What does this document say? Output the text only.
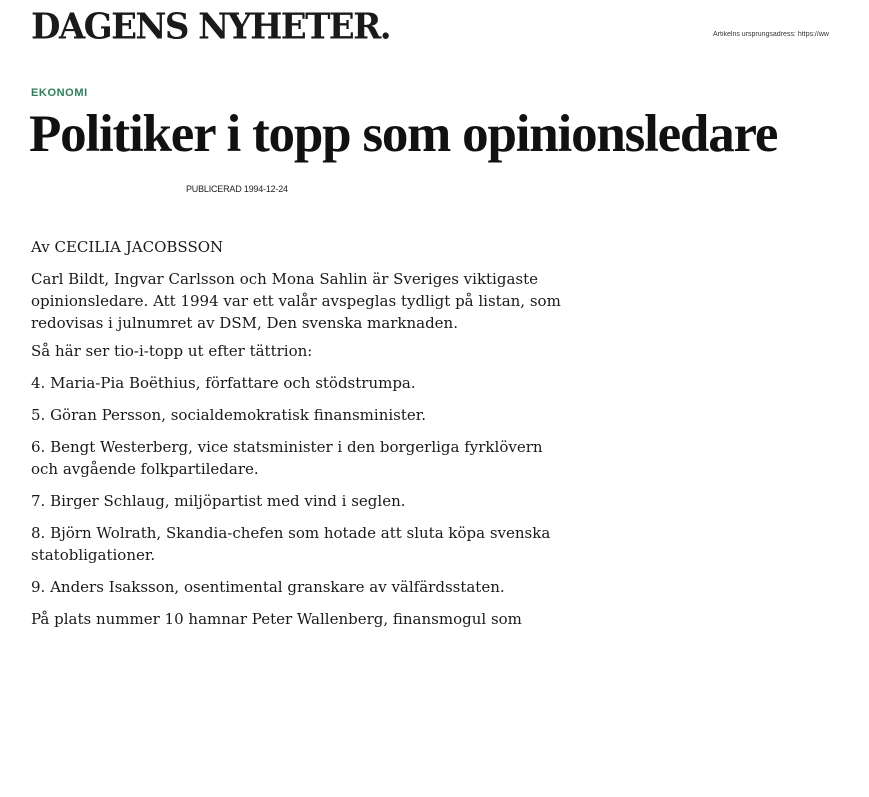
DAGENS NYHETER.	Artikelns ursprungsadress: https://ww
EKONOMI
Politiker i topp som opinionsledare
PUBLICERAD 1994-12-24

Av CECILIA JACOBSSON

Carl Bildt, Ingvar Carlsson och Mona Sahlin är Sveriges viktigaste opinionsledare. Att 1994 var ett valår avspeglas tydligt på listan, som redovisas i julnumret av DSM, Den svenska marknaden.

Så här ser tio-i-topp ut efter tättrion:

4. Maria-Pia Boëthius, författare och stödstrumpa.

5. Göran Persson, socialdemokratisk finansminister.

6. Bengt Westerberg, vice statsminister i den borgerliga fyrklövern och avgående folkpartiledare.

7. Birger Schlaug, miljöpartist med vind i seglen.

8. Björn Wolrath, Skandia-chefen som hotade att sluta köpa svenska statobligationer.

9. Anders Isaksson, osentimental granskare av välfärdsstaten.

På plats nummer 10 hamnar Peter Wallenberg, finansmogul som
